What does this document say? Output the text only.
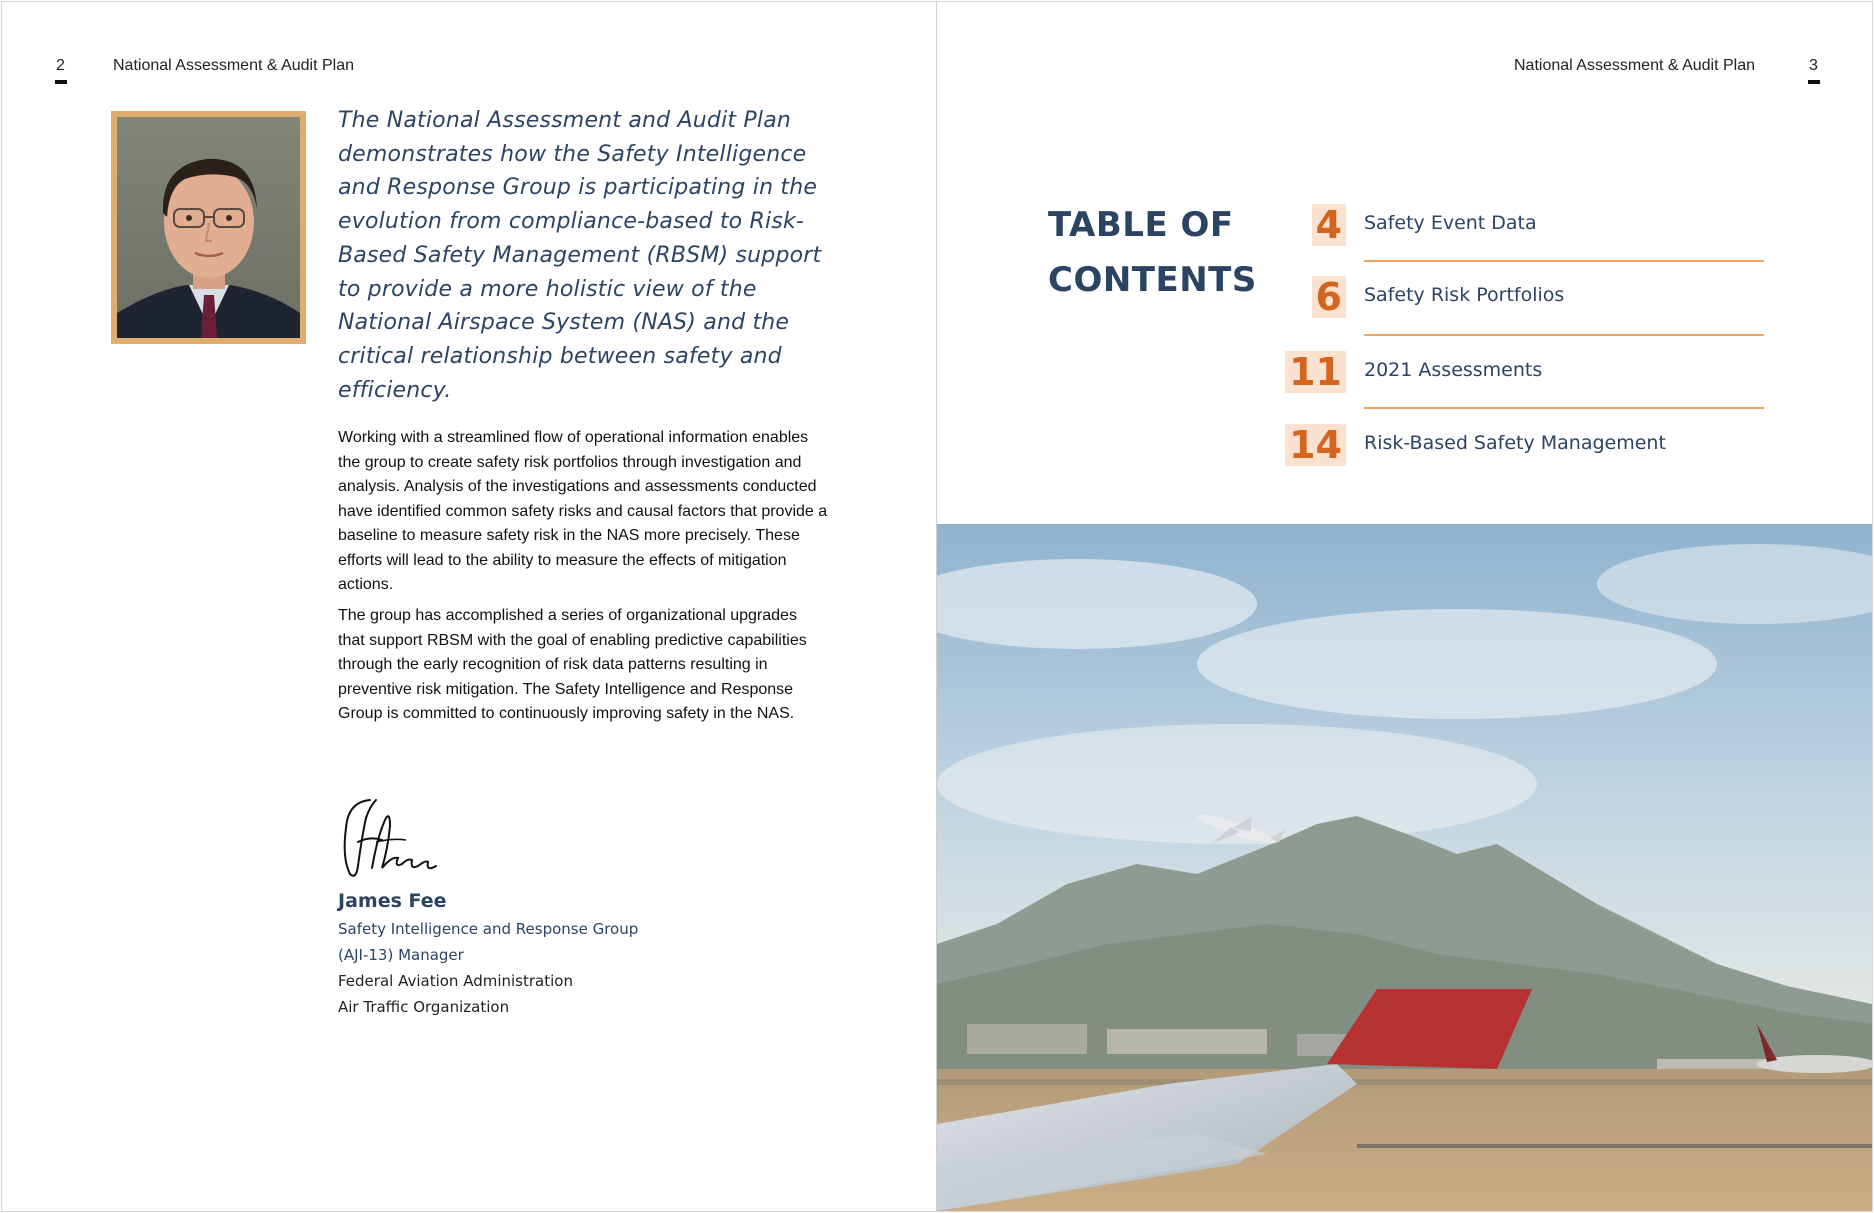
2	National Assessment & Audit Plan
The National Assessment and Audit Plan demonstrates how the Safety Intelligence and Response Group is participating in the evolution from compliance-based to Risk-Based Safety Management (RBSM) support to provide a more holistic view of the National Airspace System (NAS) and the critical relationship between safety and efficiency.
Working with a streamlined flow of operational information enables the group to create safety risk portfolios through investigation and analysis. Analysis of the investigations and assessments conducted have identified common safety risks and causal factors that provide a baseline to measure safety risk in the NAS more precisely. These efforts will lead to the ability to measure the effects of mitigation actions.
The group has accomplished a series of organizational upgrades that support RBSM with the goal of enabling predictive capabilities through the early recognition of risk data patterns resulting in preventive risk mitigation. The Safety Intelligence and Response Group is committed to continuously improving safety in the NAS.
James Fee
Safety Intelligence and Response Group
(AJI-13) Manager
Federal Aviation Administration
Air Traffic Organization
National Assessment & Audit Plan	3
TABLE OF
CONTENTS
4 Safety Event Data
6 Safety Risk Portfolios
11 2021 Assessments
14 Risk-Based Safety Management
